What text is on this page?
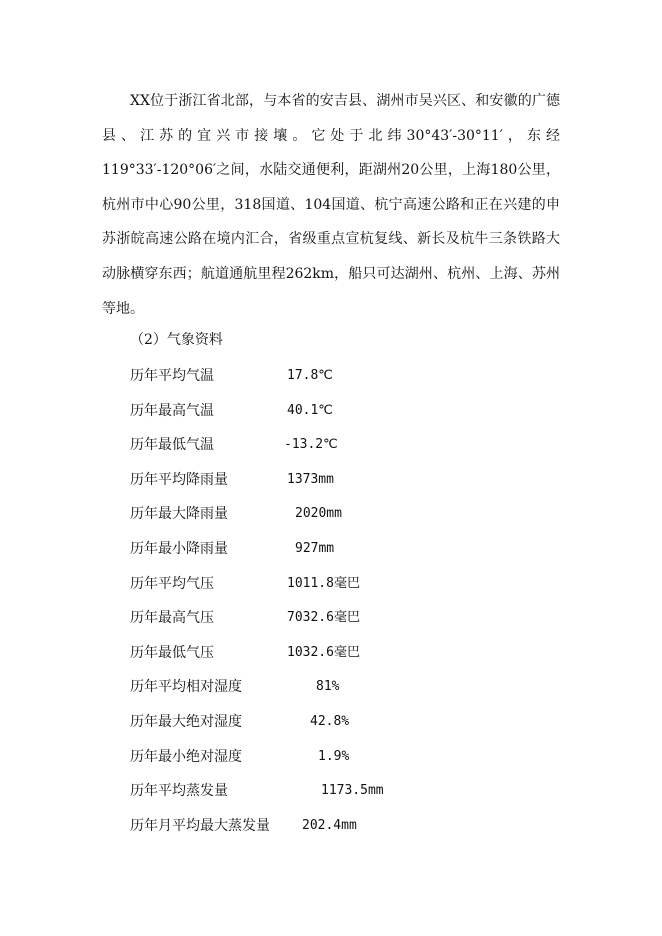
XX位于浙江省北部，与本省的安吉县、湖州市吴兴区、和安徽的广德县、江苏的宜兴市接壤。它处于北纬30°43′-30°11′，东经119°33′-120°06′之间，水陆交通便利，距湖州20公里，上海180公里，杭州市中心90公里，318国道、104国道、杭宁高速公路和正在兴建的申苏浙皖高速公路在境内汇合，省级重点宣杭复线、新长及杭牛三条铁路大动脉横穿东西；航道通航里程262km，船只可达湖州、杭州、上海、苏州等地。

（2）气象资料

历年平均气温	17.8℃
历年最高气温	40.1℃
历年最低气温	-13.2℃
历年平均降雨量	1373mm
历年最大降雨量	2020mm
历年最小降雨量	927mm
历年平均气压	1011.8毫巴
历年最高气压	7032.6毫巴
历年最低气压	1032.6毫巴
历年平均相对湿度	81%
历年最大绝对湿度	42.8%
历年最小绝对湿度	1.9%
历年平均蒸发量	1173.5mm
历年月平均最大蒸发量 202.4mm
